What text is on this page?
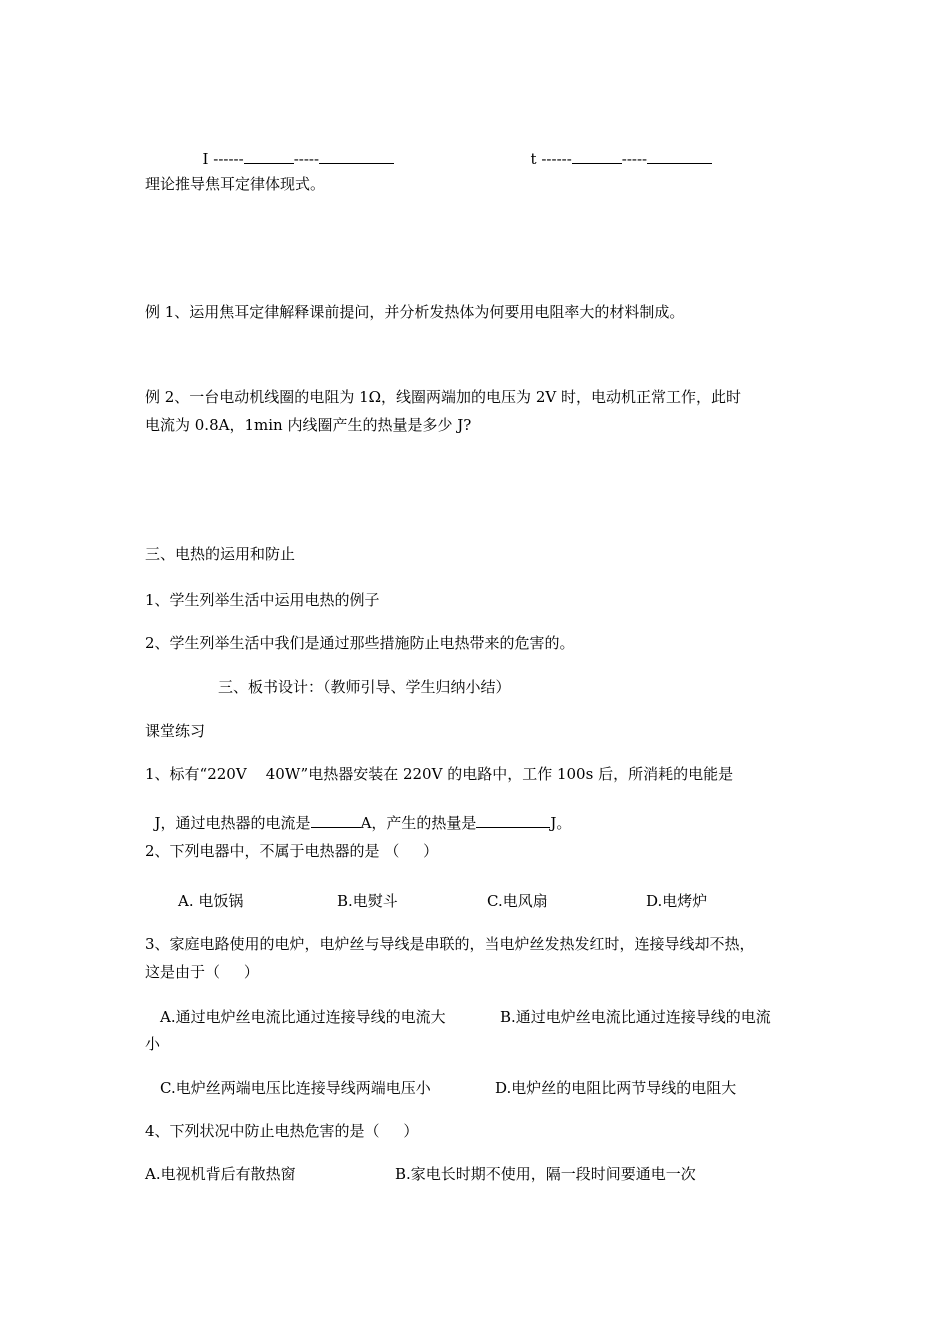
I ------	-----	t ------	-----

理论推导焦耳定律体现式。
例 1、运用焦耳定律解释课前提问，并分析发热体为何要用电阻率大的材料制成。
例 2、一台电动机线圈的电阻为 1Ω，线圈两端加的电压为 2V 时，电动机正常工作，此时
电流为 0.8A，1min 内线圈产生的热量是多少 J?
三、电热的运用和防止
1、学生列举生活中运用电热的例子
2、学生列举生活中我们是通过那些措施防止电热带来的危害的。
三、板书设计：（教师引导、学生归纳小结）
课堂练习
1、标有“220V    40W”电热器安装在 220V 的电路中，工作 100s 后，所消耗的电能是

J，通过电热器的电流是	A，产生的热量是	J。

2、下列电器中，不属于电热器的是 （     ）
A. 电饭锅	B.电熨斗	C.电风扇	D.电烤炉
3、家庭电路使用的电炉，电炉丝与导线是串联的，当电炉丝发热发红时，连接导线却不热，
这是由于（     ）
A.通过电炉丝电流比通过连接导线的电流大	B.通过电炉丝电流比通过连接导线的电流
小
C.电炉丝两端电压比连接导线两端电压小	D.电炉丝的电阻比两节导线的电阻大
4、下列状况中防止电热危害的是（     ）
A.电视机背后有散热窗	B.家电长时期不使用，隔一段时间要通电一次
